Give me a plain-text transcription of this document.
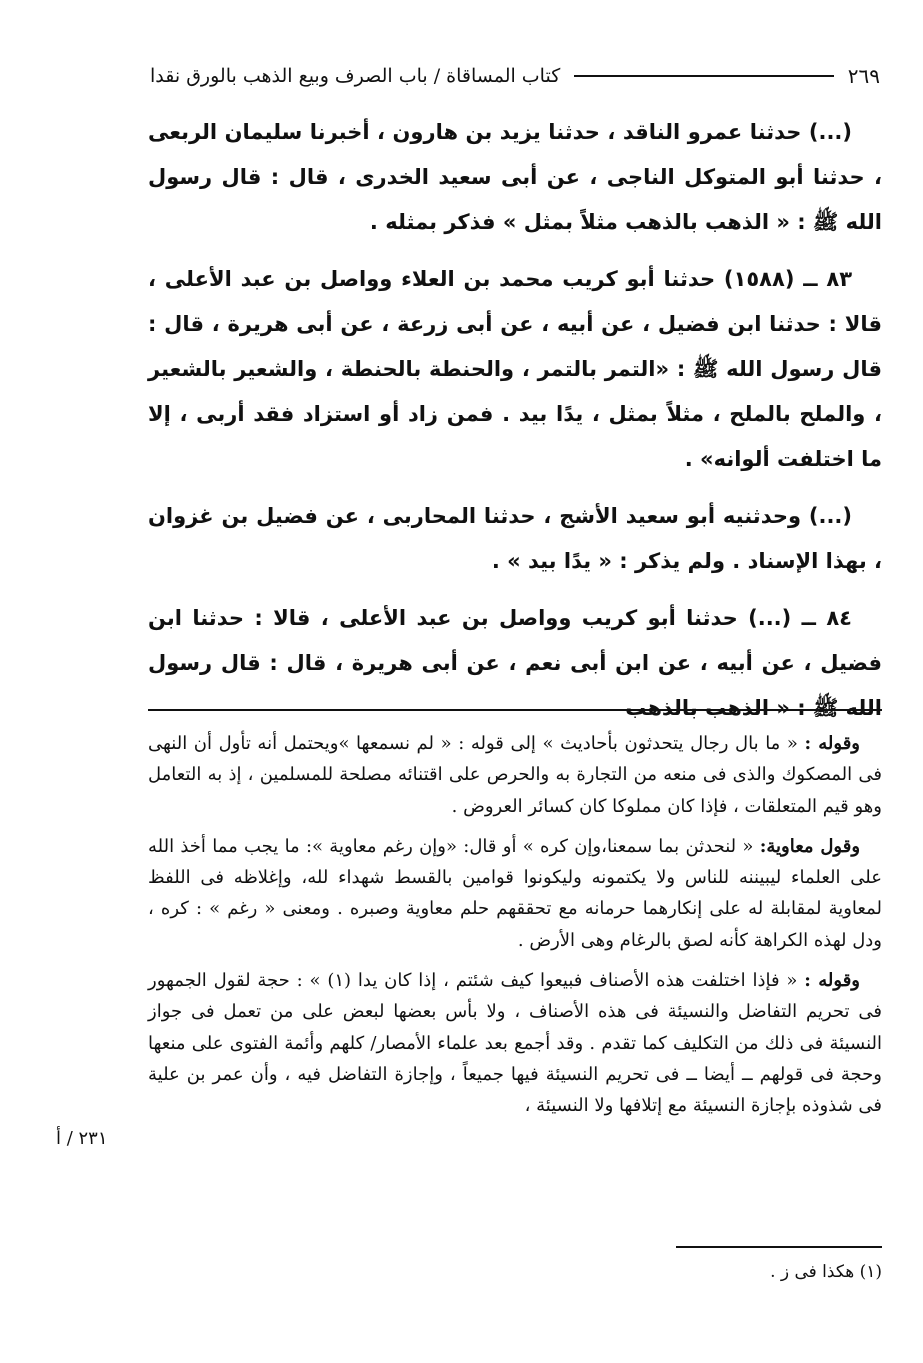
كتاب المساقاة / باب الصرف وبيع الذهب بالورق نقدا	٢٦٩

(...) حدثنا عمرو الناقد ، حدثنا يزيد بن هارون ، أخبرنا سليمان الربعى ، حدثنا أبو المتوكل الناجى ، عن أبى سعيد الخدرى ، قال : قال رسول الله ﷺ : « الذهب بالذهب مثلاً بمثل » فذكر بمثله .

٨٣ ــ (١٥٨٨) حدثنا أبو كريب محمد بن العلاء وواصل بن عبد الأعلى ، قالا : حدثنا ابن فضيل ، عن أبيه ، عن أبى زرعة ، عن أبى هريرة ، قال : قال رسول الله ﷺ : «التمر بالتمر ، والحنطة بالحنطة ، والشعير بالشعير ، والملح بالملح ، مثلاً بمثل ، يدًا بيد . فمن زاد أو استزاد فقد أربى ، إلا ما اختلفت ألوانه» .

(...) وحدثنيه أبو سعيد الأشج ، حدثنا المحاربى ، عن فضيل بن غزوان ، بهذا الإسناد . ولم يذكر : « يدًا بيد » .

٨٤ ــ (...) حدثنا أبو كريب وواصل بن عبد الأعلى ، قالا : حدثنا ابن فضيل ، عن أبيه ، عن ابن أبى نعم ، عن أبى هريرة ، قال : قال رسول الله ﷺ : « الذهب بالذهب

وقوله : « ما بال رجال يتحدثون بأحاديث » إلى قوله : « لم نسمعها »ويحتمل أنه تأول أن النهى فى المصكوك والذى فى منعه من التجارة به والحرص على اقتنائه مصلحة للمسلمين ، إذ به التعامل وهو قيم المتعلقات ، فإذا كان مملوكا كان كسائر العروض .

وقول معاوية: « لنحدثن بما سمعنا،وإن كره » أو قال: «وإن رغم معاوية »: ما يجب مما أخذ الله على العلماء ليبيننه للناس ولا يكتمونه وليكونوا قوامين بالقسط شهداء لله، وإغلاظه فى اللفظ لمعاوية لمقابلة له على إنكارهما حرمانه مع تحققهم حلم معاوية وصبره . ومعنى « رغم » : كره ، ودل لهذه الكراهة كأنه لصق بالرغام وهى الأرض .

وقوله : « فإذا اختلفت هذه الأصناف فبيعوا كيف شئتم ، إذا كان يدا (١) » : حجة لقول الجمهور فى تحريم التفاضل والنسيئة فى هذه الأصناف ، ولا بأس بعضها لبعض على من تعمل فى جواز النسيئة فى ذلك من التكليف كما تقدم . وقد أجمع بعد علماء الأمصار/ كلهم وأئمة الفتوى على منعها وحجة فى قولهم ــ أيضا ــ فى تحريم النسيئة فيها جميعاً ، وإجازة التفاضل فيه ، وأن عمر بن علية فى شذوذه بإجازة النسيئة مع إتلافها ولا النسيئة ،

٢٣١ / أ
(١) هكذا فى ز .
